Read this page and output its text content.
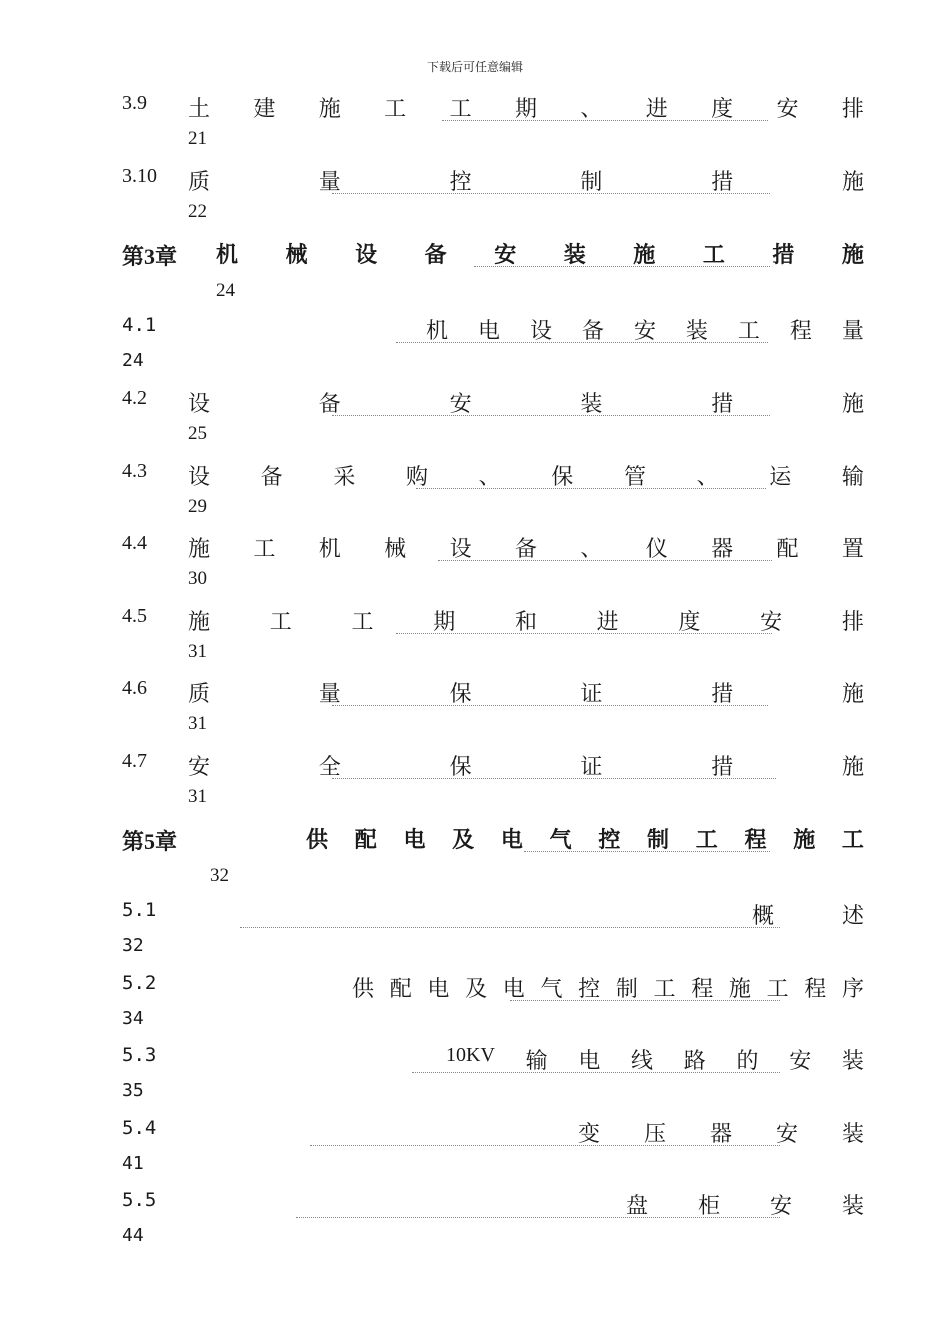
下载后可任意编辑
3.9 土 建 施 工 工 期 、 进 度 安 排
21
3.10 质	量	控	制	措	施
22
第3章 机 械 设 备 安 装 施 工 措 施
24
4.1	机 电 设 备 安 装 工 程 量
24
4.2 设	备	安	装	措	施
25
4.3 设 备 采 购 、 保 管 、 运 输
29
4.4 施 工 机 械 设 备 、 仪 器 配 置
30
4.5 施	工	工	期	和	进	度	安	排
31
4.6 质	量	保	证	措	施
31
4.7 安	全	保	证	措	施
31
第5章	供 配 电 及 电 气 控 制 工 程 施 工
32
5.1	概	述
32
5.2	供 配 电 及 电 气 控 制 工 程 施 工 程 序
34
5.3	10KV 输 电 线 路 的 安 装
35
5.4	变 压 器 安 装
41
5.5	盘 柜 安 装
44
